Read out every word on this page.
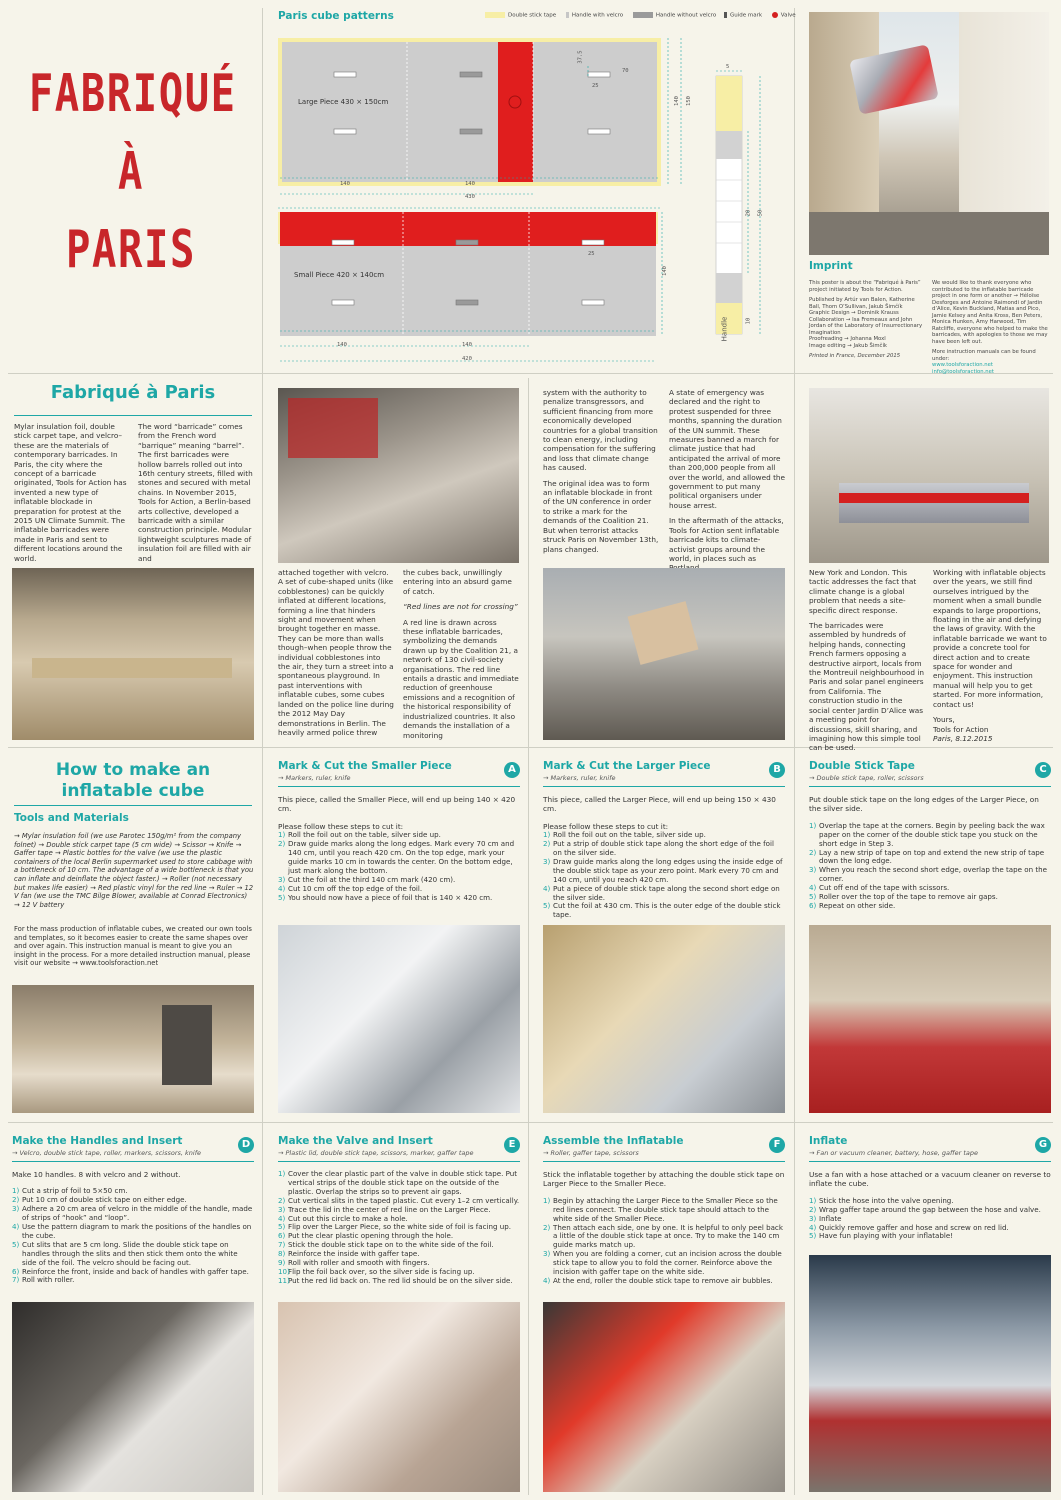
FABRIQUÉ
À
PARIS
Paris cube patterns	Double stick tape	Handle with velcro	Handle without velcro	Guide mark	Valve
Large Piece 430 × 150cm
Small Piece 420 × 140cm
140	140
430
140 150
37.5
70
25
140	140
420
140
25
5
20 50
10
Handle
Imprint
This poster is about the “Fabriqué à Paris” project initiated by Tools for Action.
Published by Artúr van Balen, Katherine Ball, Thom O’Sullivan, Jakub Šimčík
Graphic Design → Dominik Krauss
Collaboration → Isa Fremeaux and John Jordan of the Laboratory of Insurrectionary Imagination
Proofreading → Johanna Moxl
Image editing → Jakub Šimčík
Printed in France, December 2015
We would like to thank everyone who contributed to the inflatable barricade project in one form or another → Héloïse Desforges and Antoine Raimondi of Jardin d’Alice, Kevin Buckland, Matias and Pico, Jamie Kelsey and Anita Kross, Ben Peters, Monica Hunken, Amy Harwood, Tim Ratcliffe, everyone who helped to make the barricades, with apologies to those we may have been left out.
More instruction manuals can be found under:
www.toolsforaction.net
info@toolsforaction.net
Fabriqué à Paris
Mylar insulation foil, double stick carpet tape, and velcro–these are the materials of contemporary barricades. In Paris, the city where the concept of a barricade originated, Tools for Action has invented a new type of inflatable blockade in preparation for protest at the 2015 UN Climate Summit. The inflatable barricades were made in Paris and sent to different locations around the world.
The word “barricade” comes from the French word “barrique” meaning “barrel”. The first barricades were hollow barrels rolled out into 16th century streets, filled with stones and secured with metal chains. In November 2015, Tools for Action, a Berlin-based arts collective, developed a barricade with a similar construction principle. Modular lightweight sculptures made of insulation foil are filled with air and
attached together with velcro. A set of cube-shaped units (like cobblestones) can be quickly inflated at different locations, forming a line that hinders sight and movement when brought together en masse. They can be more than walls though–when people throw the individual cobblestones into the air, they turn a street into a spontaneous playground. In past interventions with inflatable cubes, some cubes landed on the police line during the 2012 May Day demonstrations in Berlin. The heavily armed police threw

the cubes back, unwillingly entering into an absurd game of catch.

“Red lines are not for crossing”

A red line is drawn across these inflatable barricades, symbolizing the demands drawn up by the Coalition 21, a network of 130 civil-society organisations. The red line entails a drastic and immediate reduction of greenhouse emissions and a recognition of the historical responsibility of industrialized countries. It also demands the installation of a monitoring

system with the authority to penalize transgressors, and sufficient financing from more economically developed countries for a global transition to clean energy, including compensation for the suffering and loss that climate change has caused.

The original idea was to form an inflatable blockade in front of the UN conference in order to strike a mark for the demands of the Coalition 21. But when terrorist attacks struck Paris on November 13th, plans changed.

A state of emergency was declared and the right to protest suspended for three months, spanning the duration of the UN summit. These measures banned a march for climate justice that had anticipated the arrival of more than 200,000 people from all over the world, and allowed the government to put many political organisers under house arrest.

In the aftermath of the attacks, Tools for Action sent inflatable barricade kits to climate-activist groups around the world, in places such as

New York and London. This tactic addresses the fact that climate change is a global problem that needs a site-specific direct response.

The barricades were assembled by hundreds of helping hands, connecting French farmers opposing a destructive airport, locals from the Montreuil neighbourhood in Paris and solar panel engineers from California. The construction studio in the social center Jardin D’Alice was a meeting point for discussions, skill sharing, and imagining how this simple tool can be used.

Working with inflatable objects over the years, we still find ourselves intrigued by the moment when a small bundle expands to large proportions, floating in the air and defying the laws of gravity. With the inflatable barricade we want to provide a concrete tool for direct action and to create space for wonder and enjoyment. This instruction manual will help you to get started. For more information, contact us!

Yours,
Tools for Action
Paris, 8.12.2015
How to make an inflatable cube
Tools and Materials
→ Mylar insulation foil (we use Parotec 150g/m² from the company folnet) → Double stick carpet tape (5 cm wide) → Scissor → Knife → Gaffer tape → Plastic bottles for the valve (we use the plastic containers of the local Berlin supermarket used to store cabbage with a bottleneck of 10 cm. The advantage of a wide bottleneck is that you can inflate and deinflate the object faster.) → Roller (not necessary but makes life easier) → Red plastic vinyl for the red line → Ruler → 12 V fan (we use the TMC Bilge Blower, available at Conrad Electronics) → 12 V battery
For the mass production of inflatable cubes, we created our own tools and templates, so it becomes easier to create the same shapes over and over again. This instruction manual is meant to give you an insight in the process. For a more detailed instruction manual, please visit our website → www.toolsforaction.net
Mark & Cut the Smaller Piece
→ Markers, ruler, knife
A
This piece, called the Smaller Piece, will end up being 140 × 420 cm.
Please follow these steps to cut it:
1) Roll the foil out on the table, silver side up.
2) Draw guide marks along the long edges. Mark every 70 cm and 140 cm, until you reach 420 cm. On the top edge, mark your guide marks 10 cm in towards the center. On the bottom edge, just mark along the bottom.
3) Cut the foil at the third 140 cm mark (420 cm).
4) Cut 10 cm off the top edge of the foil.
5) You should now have a piece of foil that is 140 × 420 cm.
Mark & Cut the Larger Piece
→ Markers, ruler, knife
B
This piece, called the Larger Piece, will end up being 150 × 430 cm.
Please follow these steps to cut it:
1) Roll the foil out on the table, silver side up.
2) Put a strip of double stick tape along the short edge of the foil on the silver side.
3) Draw guide marks along the long edges using the inside edge of the double stick tape as your zero point. Mark every 70 cm and 140 cm, until you reach 420 cm.
4) Put a piece of double stick tape along the second short edge on the silver side.
5) Cut the foil at 430 cm. This is the outer edge of the double stick tape.
Double Stick Tape
→ Double stick tape, roller, scissors
C
Put double stick tape on the long edges of the Larger Piece, on the silver side.
1) Overlap the tape at the corners. Begin by peeling back the wax paper on the corner of the double stick tape you stuck on the short edge in Step 3.
2) Lay a new strip of tape on top and extend the new strip of tape down the long edge.
3) When you reach the second short edge, overlap the tape on the corner.
4) Cut off end of the tape with scissors.
5) Roller over the top of the tape to remove air gaps.
6) Repeat on other side.
Make the Handles and Insert
→ Velcro, double stick tape, roller, markers, scissors, knife
D
Make 10 handles. 8 with velcro and 2 without.
1) Cut a strip of foil to 5×50 cm.
2) Put 10 cm of double stick tape on either edge.
3) Adhere a 20 cm area of velcro in the middle of the handle, made of strips of “hook” and “loop”.
4) Use the pattern diagram to mark the positions of the handles on the cube.
5) Cut slits that are 5 cm long. Slide the double stick tape on handles through the slits and then stick them onto the white side of the foil. The velcro should be facing out.
6) Reinforce the front, inside and back of handles with gaffer tape.
7) Roll with roller.
Make the Valve and Insert
→ Plastic lid, double stick tape, scissors, marker, gaffer tape
E
1) Cover the clear plastic part of the valve in double stick tape. Put vertical strips of the double stick tape on the outside of the plastic. Overlap the strips so to prevent air gaps.
2) Cut vertical slits in the taped plastic. Cut every 1–2 cm vertically.
3) Trace the lid in the center of red line on the Larger Piece.
4) Cut out this circle to make a hole.
5) Flip over the Larger Piece, so the white side of foil is facing up.
6) Put the clear plastic opening through the hole.
7) Stick the double stick tape on to the white side of the foil.
8) Reinforce the inside with gaffer tape.
9) Roll with roller and smooth with fingers.
10)
Flip the foil back over, so the silver side is facing up.
11)
Put the red lid back on. The red lid should be on the silver side.
Assemble the Inflatable
→ Roller, gaffer tape, scissors
F
Stick the inflatable together by attaching the double stick tape on Larger Piece to the Smaller Piece.
1) Begin by attaching the Larger Piece to the Smaller Piece so the red lines connect. The double stick tape should attach to the white side of the Smaller Piece.
2) Then attach each side, one by one. It is helpful to only peel back a little of the double stick tape at once. Try to make the 140 cm guide marks match up.
3) When you are folding a corner, cut an incision across the double stick tape to allow you to fold the corner. Reinforce above the incision with gaffer tape on the white side.
4) At the end, roller the double stick tape to remove air bubbles.
Inflate
→ Fan or vacuum cleaner, battery, hose, gaffer tape
G
Use a fan with a hose attached or a vacuum cleaner on reverse to inflate the cube.
1) Stick the hose into the valve opening.
2) Wrap gaffer tape around the gap between the hose and valve.
3) Inflate
4) Quickly remove gaffer and hose and screw on red lid.
5) Have fun playing with your inflatable!
